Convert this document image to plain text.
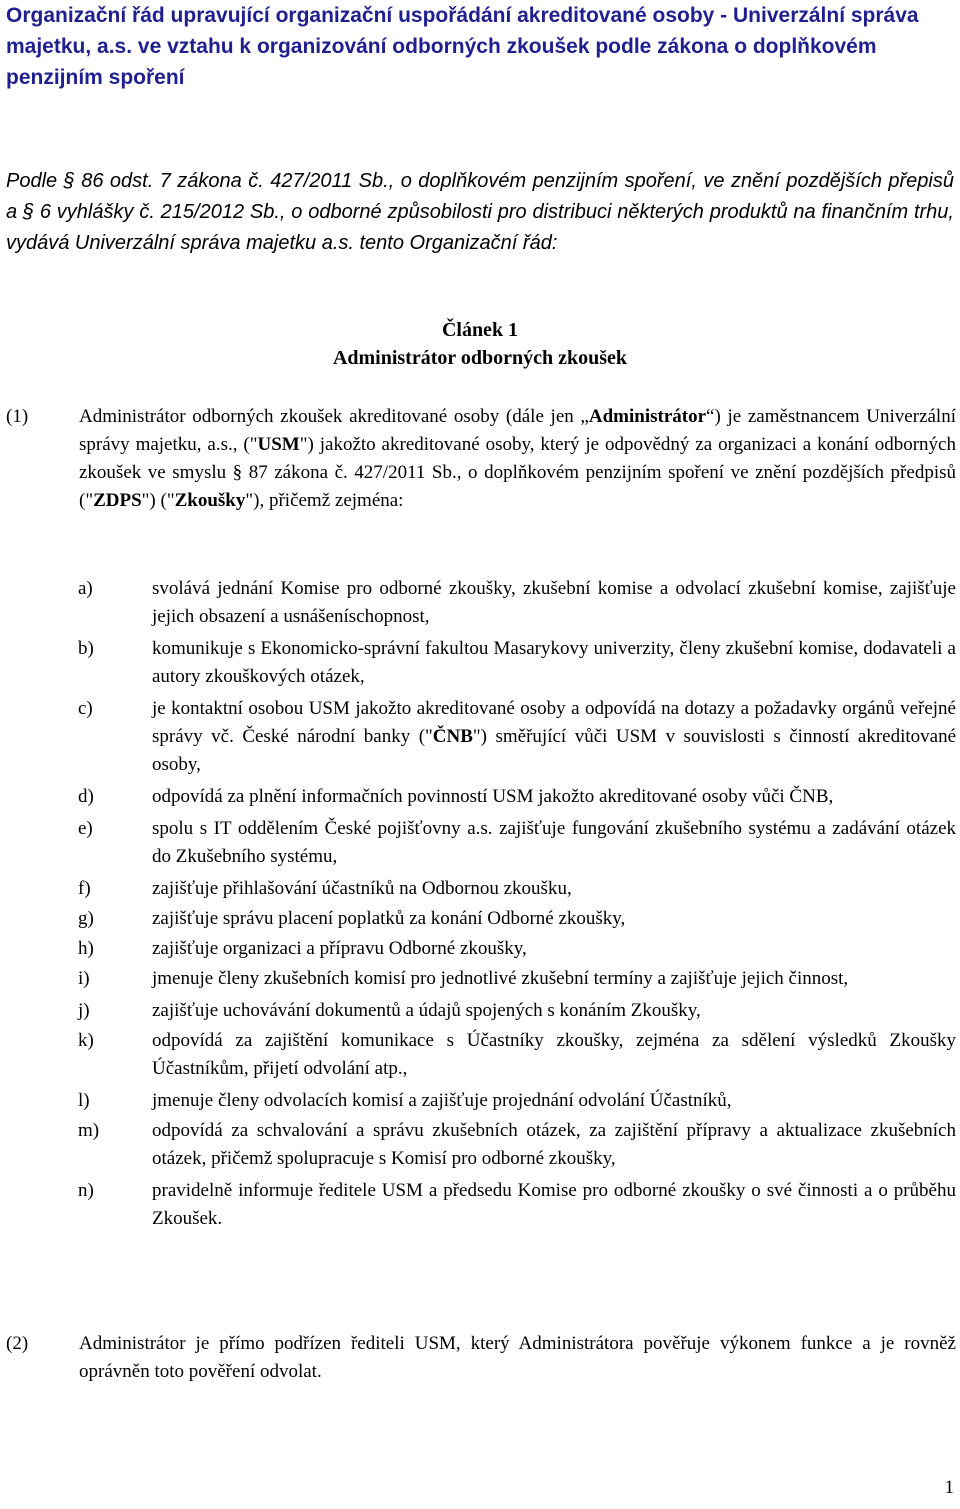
Organizační řád upravující organizační uspořádání akreditované osoby - Univerzální správa majetku, a.s. ve vztahu k organizování odborných zkoušek podle zákona o doplňkovém penzijním spoření

Podle § 86 odst. 7 zákona č. 427/2011 Sb., o doplňkovém penzijním spoření, ve znění pozdějších přepisů a § 6 vyhlášky č. 215/2012 Sb., o odborné způsobilosti pro distribuci některých produktů na finančním trhu, vydává Univerzální správa majetku a.s. tento Organizační řád:

Článek 1
Administrátor odborných zkoušek
(1)	Administrátor odborných zkoušek akreditované osoby (dále jen „Administrátor“) je zaměstnancem Univerzální správy majetku, a.s., ("USM") jakožto akreditované osoby, který je odpovědný za organizaci a konání odborných zkoušek ve smyslu § 87 zákona č. 427/2011 Sb., o doplňkovém penzijním spoření ve znění pozdějších předpisů ("ZDPS") ("Zkoušky"), přičemž zejména:
a)	svolává jednání Komise pro odborné zkoušky, zkušební komise a odvolací zkušební komise, zajišťuje jejich obsazení a usnášeníschopnost,
b)	komunikuje s Ekonomicko-správní fakultou Masarykovy univerzity, členy zkušební komise, dodavateli a autory zkouškových otázek,
c)	je kontaktní osobou USM jakožto akreditované osoby a odpovídá na dotazy a požadavky orgánů veřejné správy vč. České národní banky ("ČNB") směřující vůči USM v souvislosti s činností akreditované osoby,
d)	odpovídá za plnění informačních povinností USM jakožto akreditované osoby vůči ČNB,
e)	spolu s IT oddělením České pojišťovny a.s. zajišťuje fungování zkušebního systému a zadávání otázek do Zkušebního systému,
f)	zajišťuje přihlašování účastníků na Odbornou zkoušku,
g)	zajišťuje správu placení poplatků za konání Odborné zkoušky,
h)	zajišťuje organizaci a přípravu Odborné zkoušky,
i)	jmenuje členy zkušebních komisí pro jednotlivé zkušební termíny a zajišťuje jejich činnost,
j)	zajišťuje uchovávání dokumentů a údajů spojených s konáním Zkoušky,
k)	odpovídá za zajištění komunikace s Účastníky zkoušky, zejména za sdělení výsledků Zkoušky Účastníkům, přijetí odvolání atp.,
l)	jmenuje členy odvolacích komisí a zajišťuje projednání odvolání Účastníků,
m)	odpovídá za schvalování a správu zkušebních otázek, za zajištění přípravy a aktualizace zkušebních otázek, přičemž spolupracuje s Komisí pro odborné zkoušky,
n)	pravidelně informuje ředitele USM a předsedu Komise pro odborné zkoušky o své činnosti a o průběhu Zkoušek.
(2)	Administrátor je přímo podřízen řediteli USM, který Administrátora pověřuje výkonem funkce a je rovněž oprávněn toto pověření odvolat.
1
